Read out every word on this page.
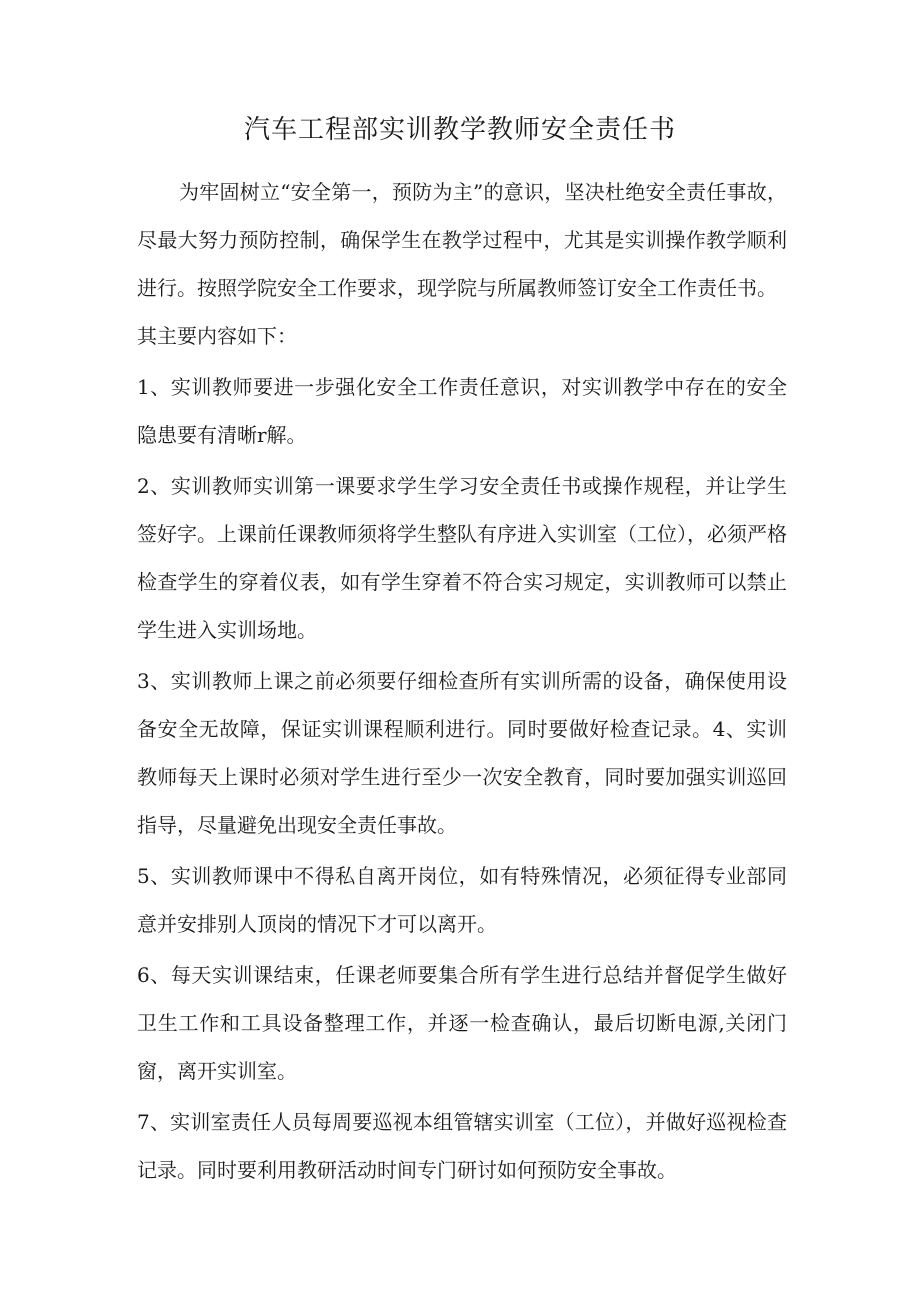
汽车工程部实训教学教师安全责任书

为牢固树立“安全第一，预防为主”的意识，坚决杜绝安全责任事故，尽最大努力预防控制，确保学生在教学过程中，尤其是实训操作教学顺利进行。按照学院安全工作要求，现学院与所属教师签订安全工作责任书。

其主要内容如下：

1、实训教师要进一步强化安全工作责任意识，对实训教学中存在的安全隐患要有清晰r解。

2、实训教师实训第一课要求学生学习安全责任书或操作规程，并让学生签好字。上课前任课教师须将学生整队有序进入实训室（工位），必须严格检查学生的穿着仪表，如有学生穿着不符合实习规定，实训教师可以禁止学生进入实训场地。

3、实训教师上课之前必须要仔细检查所有实训所需的设备，确保使用设备安全无故障，保证实训课程顺利进行。同时要做好检查记录。4、实训教师每天上课时必须对学生进行至少一次安全教育，同时要加强实训巡回指导，尽量避免出现安全责任事故。

5、实训教师课中不得私自离开岗位，如有特殊情况，必须征得专业部同意并安排别人顶岗的情况下才可以离开。

6、每天实训课结束，任课老师要集合所有学生进行总结并督促学生做好卫生工作和工具设备整理工作，并逐一检查确认，最后切断电源,关闭门窗，离开实训室。

7、实训室责任人员每周要巡视本组管辖实训室（工位），并做好巡视检查记录。同时要利用教研活动时间专门研讨如何预防安全事故。
